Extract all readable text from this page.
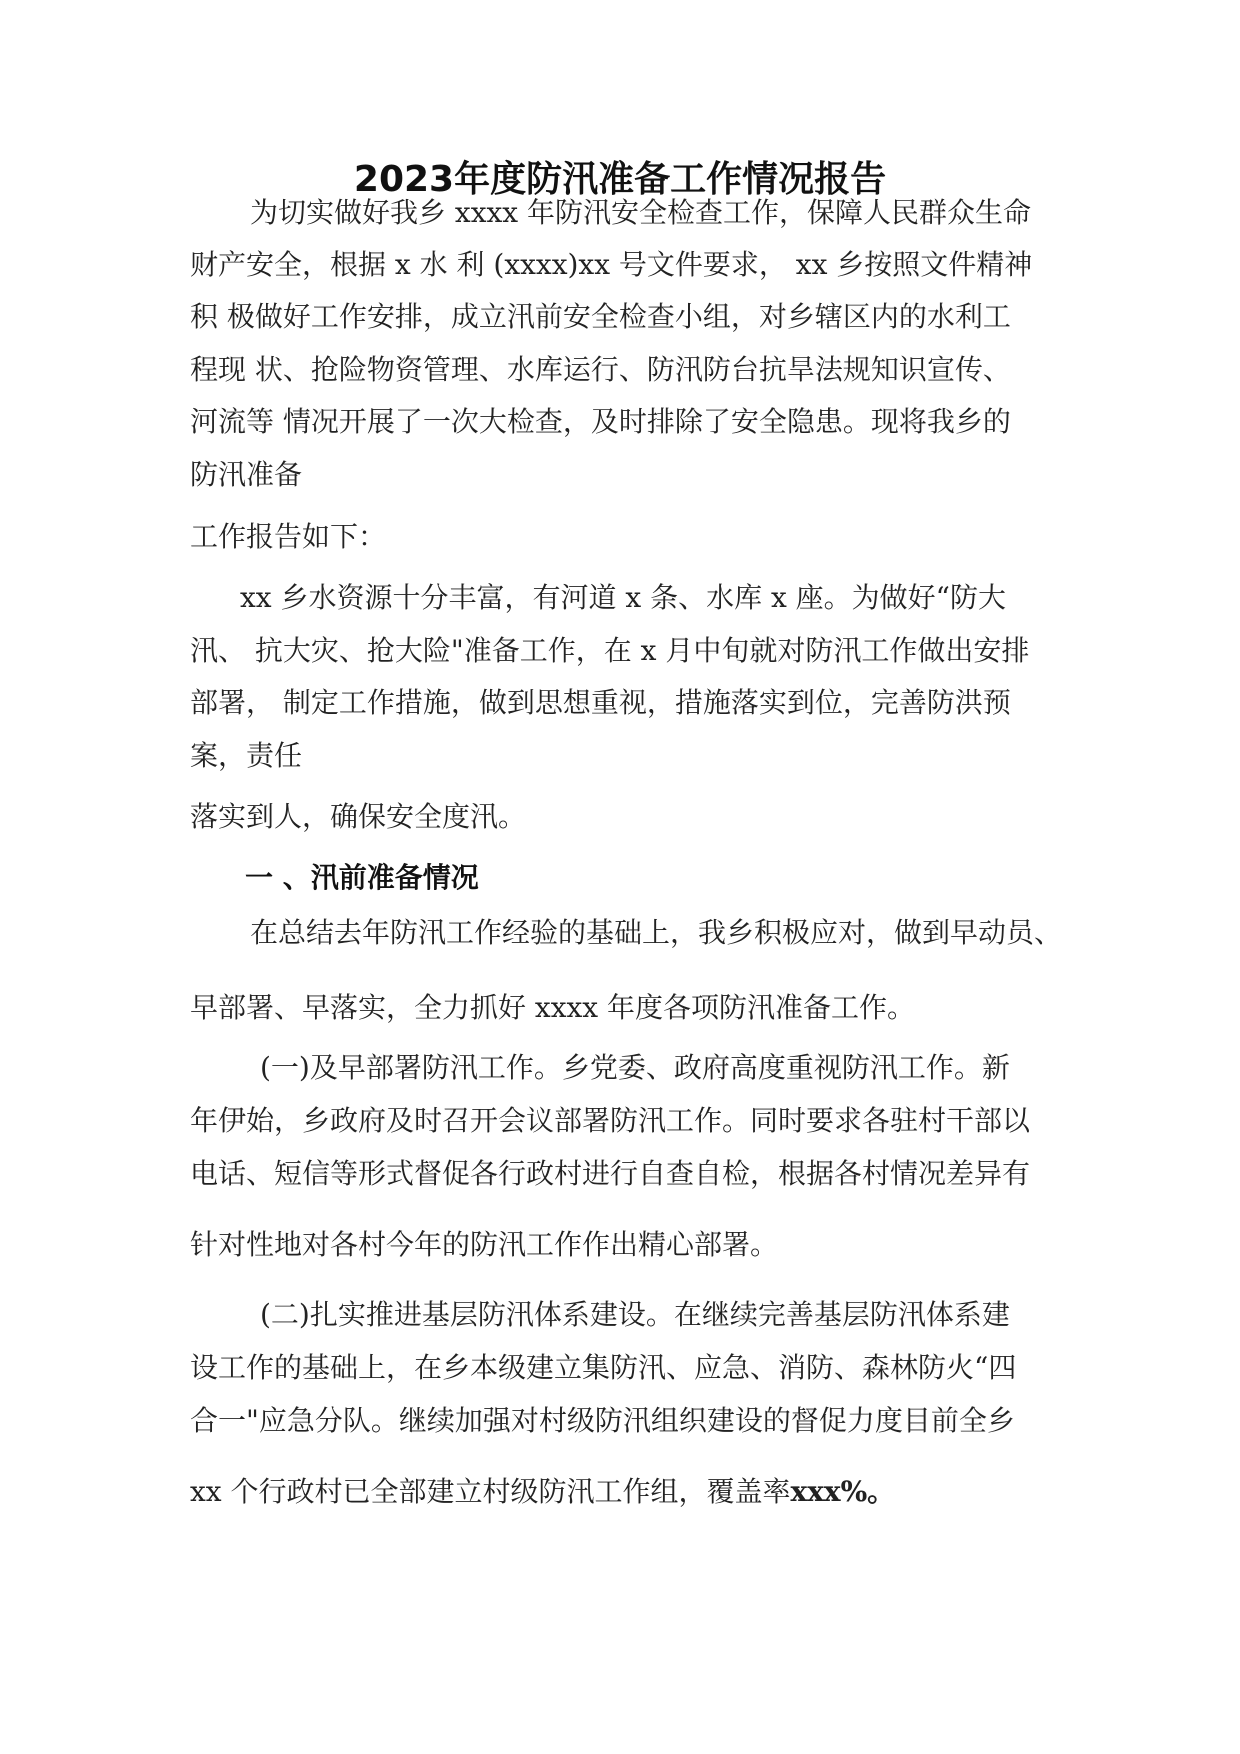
2023年度防汛准备工作情况报告

为切实做好我乡 xxxx 年防汛安全检查工作，保障人民群众生命

财产安全，根据 x 水 利 (xxxx)xx 号文件要求， xx 乡按照文件精神

积 极做好工作安排，成立汛前安全检查小组，对乡辖区内的水利工

程现 状、抢险物资管理、水库运行、防汛防台抗旱法规知识宣传、

河流等 情况开展了一次大检查，及时排除了安全隐患。现将我乡的

防汛准备

工作报告如下：

xx 乡水资源十分丰富，有河道 x 条、水库 x 座。为做好“防大

汛、 抗大灾、抢大险"准备工作，在 x 月中旬就对防汛工作做出安排

部署， 制定工作措施，做到思想重视，措施落实到位，完善防洪预

案，责任

落实到人，确保安全度汛。

一 、汛前准备情况

在总结去年防汛工作经验的基础上，我乡积极应对，做到早动员、

早部署、早落实，全力抓好 xxxx 年度各项防汛准备工作。

(一)及早部署防汛工作。乡党委、政府高度重视防汛工作。新

年伊始，乡政府及时召开会议部署防汛工作。同时要求各驻村干部以

电话、短信等形式督促各行政村进行自查自检，根据各村情况差异有

针对性地对各村今年的防汛工作作出精心部署。

(二)扎实推进基层防汛体系建设。在继续完善基层防汛体系建

设工作的基础上，在乡本级建立集防汛、应急、消防、森林防火“四

合一"应急分队。继续加强对村级防汛组织建设的督促力度目前全乡

xx 个行政村已全部建立村级防汛工作组，覆盖率xxx%。
